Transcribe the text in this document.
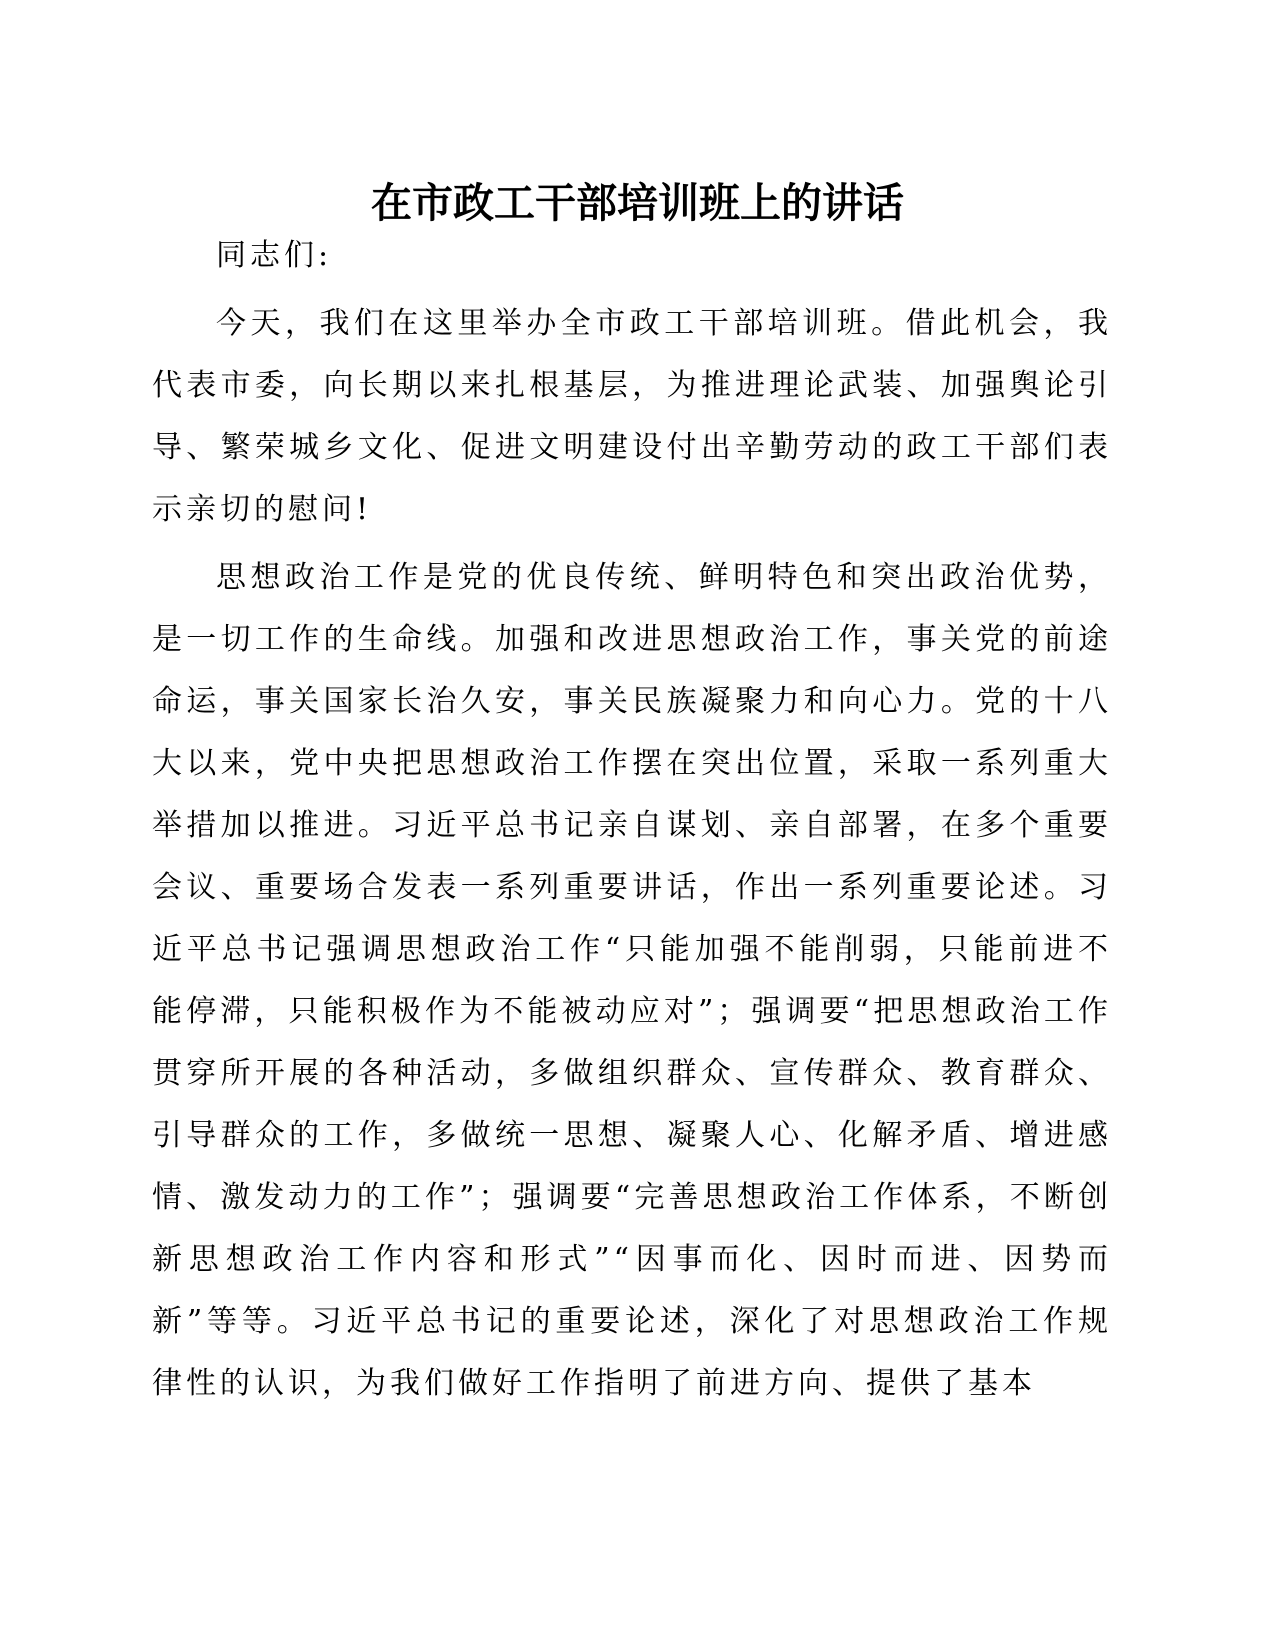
在市政工干部培训班上的讲话

同志们:

今天，我们在这里举办全市政工干部培训班。借此机会，我代表市委，向长期以来扎根基层，为推进理论武装、加强舆论引导、繁荣城乡文化、促进文明建设付出辛勤劳动的政工干部们表示亲切的慰问!

思想政治工作是党的优良传统、鲜明特色和突出政治优势，是一切工作的生命线。加强和改进思想政治工作，事关党的前途命运，事关国家长治久安，事关民族凝聚力和向心力。党的十八大以来，党中央把思想政治工作摆在突出位置，采取一系列重大举措加以推进。习近平总书记亲自谋划、亲自部署，在多个重要会议、重要场合发表一系列重要讲话，作出一系列重要论述。习近平总书记强调思想政治工作“只能加强不能削弱，只能前进不能停滞，只能积极作为不能被动应对”；强调要“把思想政治工作贯穿所开展的各种活动，多做组织群众、宣传群众、教育群众、引导群众的工作，多做统一思想、凝聚人心、化解矛盾、增进感情、激发动力的工作”；强调要“完善思想政治工作体系，不断创新思想政治工作内容和形式”“因事而化、因时而进、因势而新”等等。习近平总书记的重要论述，深化了对思想政治工作规律性的认识，为我们做好工作指明了前进方向、提供了基本
